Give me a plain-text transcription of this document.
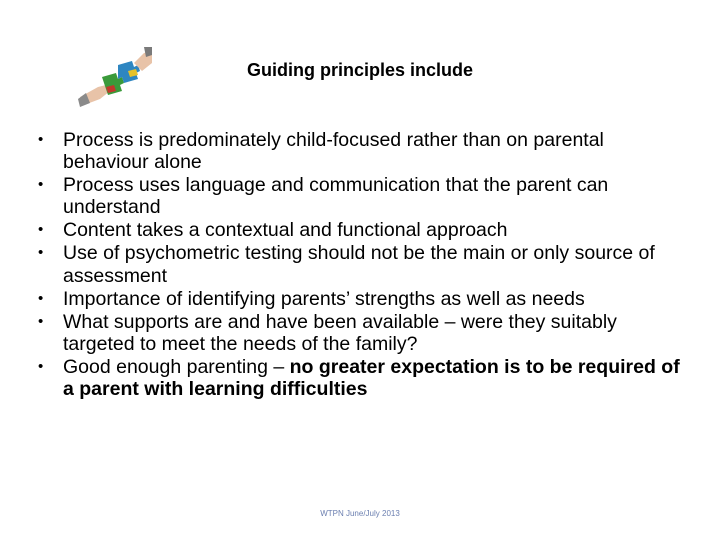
Guiding principles include
•	Process is predominately child-focused rather than on parental behaviour alone
•	Process uses language and communication that the parent can understand
•	Content takes a contextual and functional approach
•	Use of psychometric testing should not be the main or only source of assessment
•	Importance of identifying parents’ strengths as well as needs
•	What supports are and have been available – were they suitably targeted to meet the needs of the family?
•	Good enough parenting – no greater expectation is to be required of a parent with learning difficulties
WTPN June/July 2013
